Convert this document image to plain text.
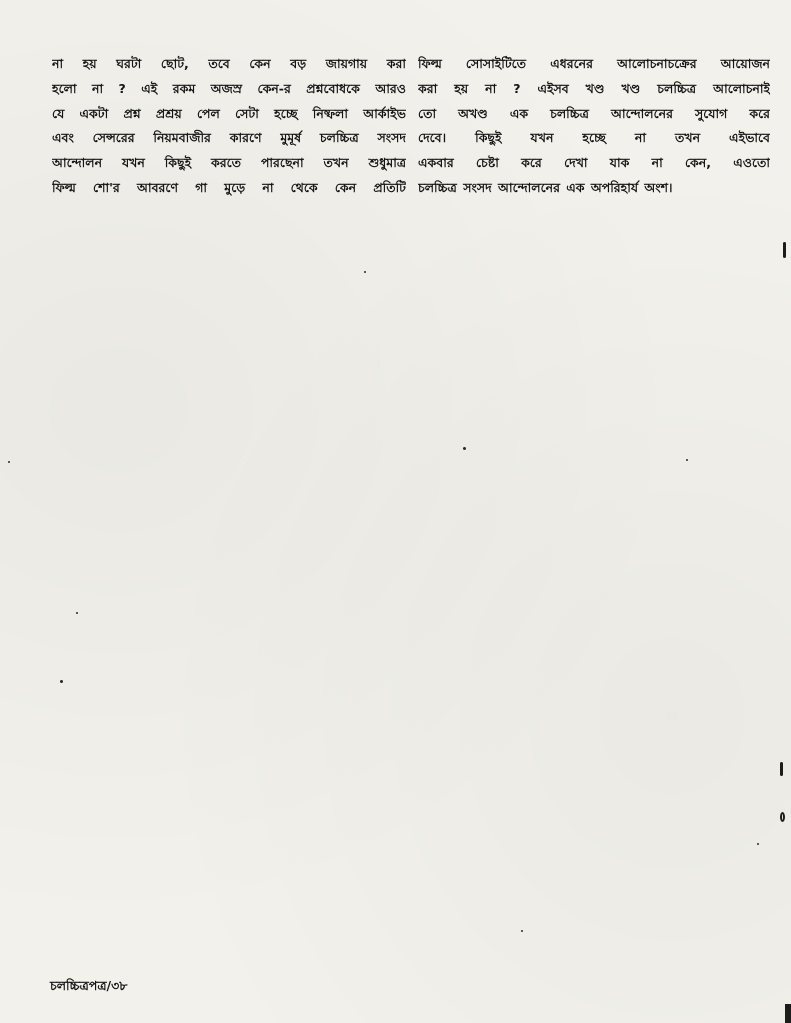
না হয় ঘরটা ছোট, তবে কেন বড় জায়গায় করা
হলো না ? এই রকম অজস্র কেন-র প্রশ্নবোধকে আরও
যে একটা প্রশ্ন প্রশ্রয় পেল সেটা হচ্ছে নিষ্ফলা আর্কাইভ
এবং সেন্সরের নিয়মবাজীর কারণে মুমূর্ষ চলচ্চিত্র সংসদ
আন্দোলন যখন কিছুই করতে পারছেনা তখন শুধুমাত্র
ফিল্ম শো'র আবরণে গা মুড়ে না থেকে কেন প্রতিটি
ফিল্ম সোসাইটিতে এধরনের আলোচনাচক্রের আয়োজন
করা হয় না ? এইসব খণ্ড খণ্ড চলচ্চিত্র আলোচনাই
তো অখণ্ড এক চলচ্চিত্র আন্দোলনের সুযোগ করে
দেবে। কিছুই যখন হচ্ছে না তখন এইভাবে
একবার চেষ্টা করে দেখা যাক না কেন, এওতো
চলচ্চিত্র সংসদ আন্দোলনের এক অপরিহার্য অংশ।
চলচ্চিত্রপত্র/৩৮
